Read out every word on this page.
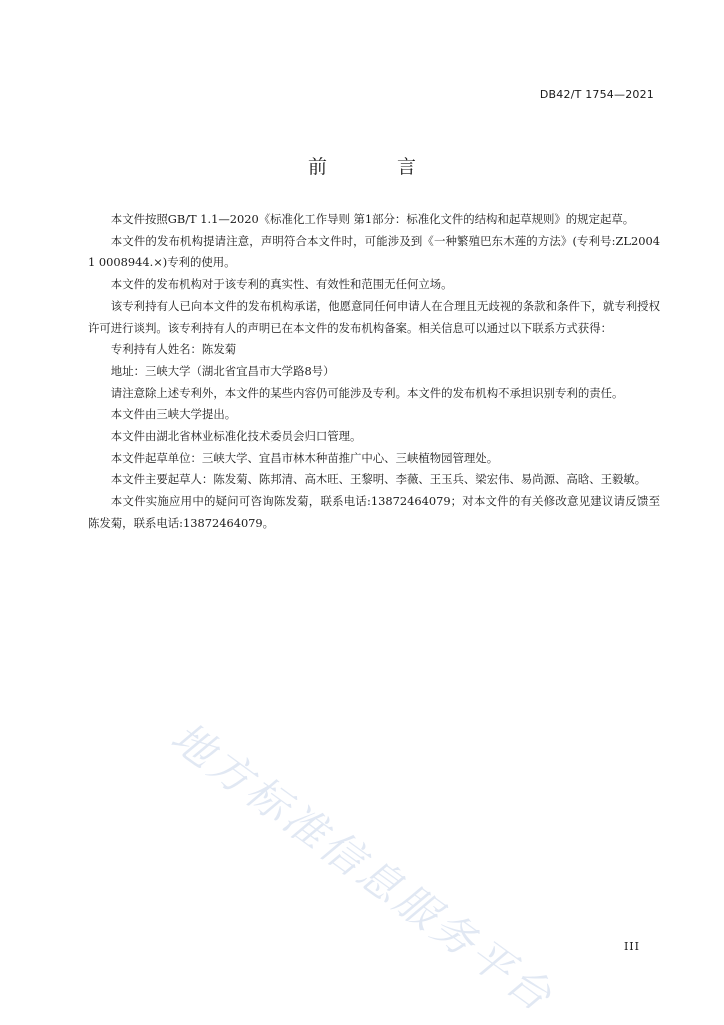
DB42/T 1754—2021
前 言

本文件按照GB/T 1.1—2020《标准化工作导则 第1部分：标准化文件的结构和起草规则》的规定起草。

本文件的发布机构提请注意，声明符合本文件时，可能涉及到《一种繁殖巴东木莲的方法》(专利号:ZL2004 1 0008944.×)专利的使用。

本文件的发布机构对于该专利的真实性、有效性和范围无任何立场。

该专利持有人已向本文件的发布机构承诺，他愿意同任何申请人在合理且无歧视的条款和条件下，就专利授权许可进行谈判。该专利持有人的声明已在本文件的发布机构备案。相关信息可以通过以下联系方式获得：

专利持有人姓名：陈发菊

地址：三峡大学（湖北省宜昌市大学路8号）

请注意除上述专利外，本文件的某些内容仍可能涉及专利。本文件的发布机构不承担识别专利的责任。

本文件由三峡大学提出。

本文件由湖北省林业标准化技术委员会归口管理。

本文件起草单位：三峡大学、宜昌市林木种苗推广中心、三峡植物园管理处。

本文件主要起草人：陈发菊、陈邦清、高木旺、王黎明、李薇、王玉兵、梁宏伟、易尚源、高晗、王毅敏。

本文件实施应用中的疑问可咨询陈发菊，联系电话:13872464079；对本文件的有关修改意见建议请反馈至陈发菊，联系电话:13872464079。

地方标准信息服务平台	III
